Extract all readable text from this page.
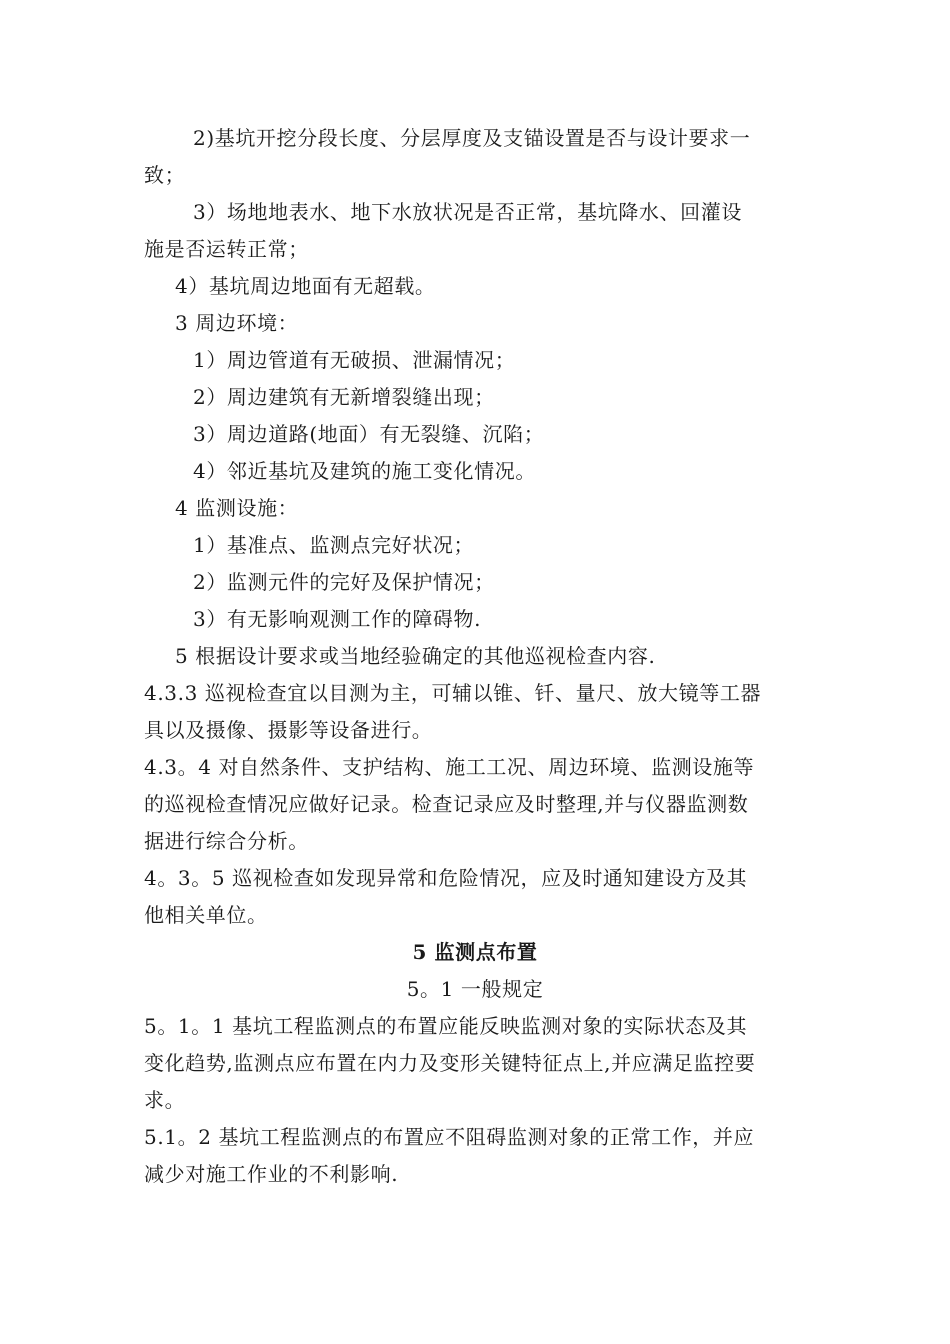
2)基坑开挖分段长度、分层厚度及支锚设置是否与设计要求一
致；
3）场地地表水、地下水放状况是否正常，基坑降水、回灌设
施是否运转正常；
4）基坑周边地面有无超载。
3 周边环境：
1）周边管道有无破损、泄漏情况；
2）周边建筑有无新增裂缝出现；
3）周边道路(地面）有无裂缝、沉陷；
4）邻近基坑及建筑的施工变化情况。
4 监测设施：
1）基准点、监测点完好状况；
2）监测元件的完好及保护情况；
3）有无影响观测工作的障碍物.
5 根据设计要求或当地经验确定的其他巡视检查内容.
4.3.3 巡视检查宜以目测为主，可辅以锥、钎、量尺、放大镜等工器
具以及摄像、摄影等设备进行。
4.3。4 对自然条件、支护结构、施工工况、周边环境、监测设施等
的巡视检查情况应做好记录。检查记录应及时整理,并与仪器监测数
据进行综合分析。
4。3。5 巡视检查如发现异常和危险情况，应及时通知建设方及其
他相关单位。
5 监测点布置
5。1 一般规定
5。1。1 基坑工程监测点的布置应能反映监测对象的实际状态及其
变化趋势,监测点应布置在内力及变形关键特征点上,并应满足监控要
求。
5.1。2 基坑工程监测点的布置应不阻碍监测对象的正常工作，并应
减少对施工作业的不利影响.
